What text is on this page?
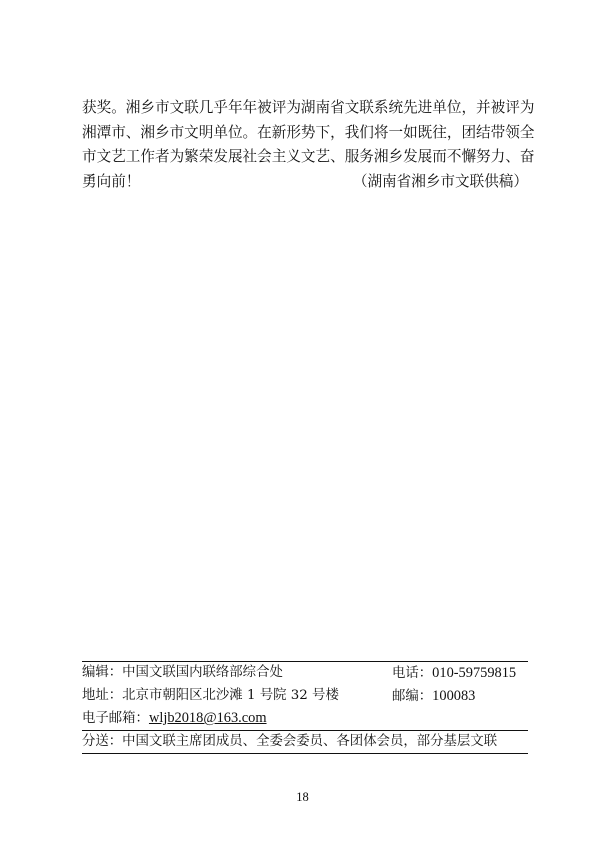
获奖。湘乡市文联几乎年年被评为湖南省文联系统先进单位，并被评为

湘潭市、湘乡市文明单位。在新形势下，我们将一如既往，团结带领全

市文艺工作者为繁荣发展社会主义文艺、服务湘乡发展而不懈努力、奋

勇向前！	（湖南省湘乡市文联供稿）

编辑：中国文联国内联络部综合处	电话：010-59759815
地址：北京市朝阳区北沙滩 1 号院 32 号楼	邮编：100083
电子邮箱：wljb2018@163.com
分送：中国文联主席团成员、全委会委员、各团体会员，部分基层文联
18
